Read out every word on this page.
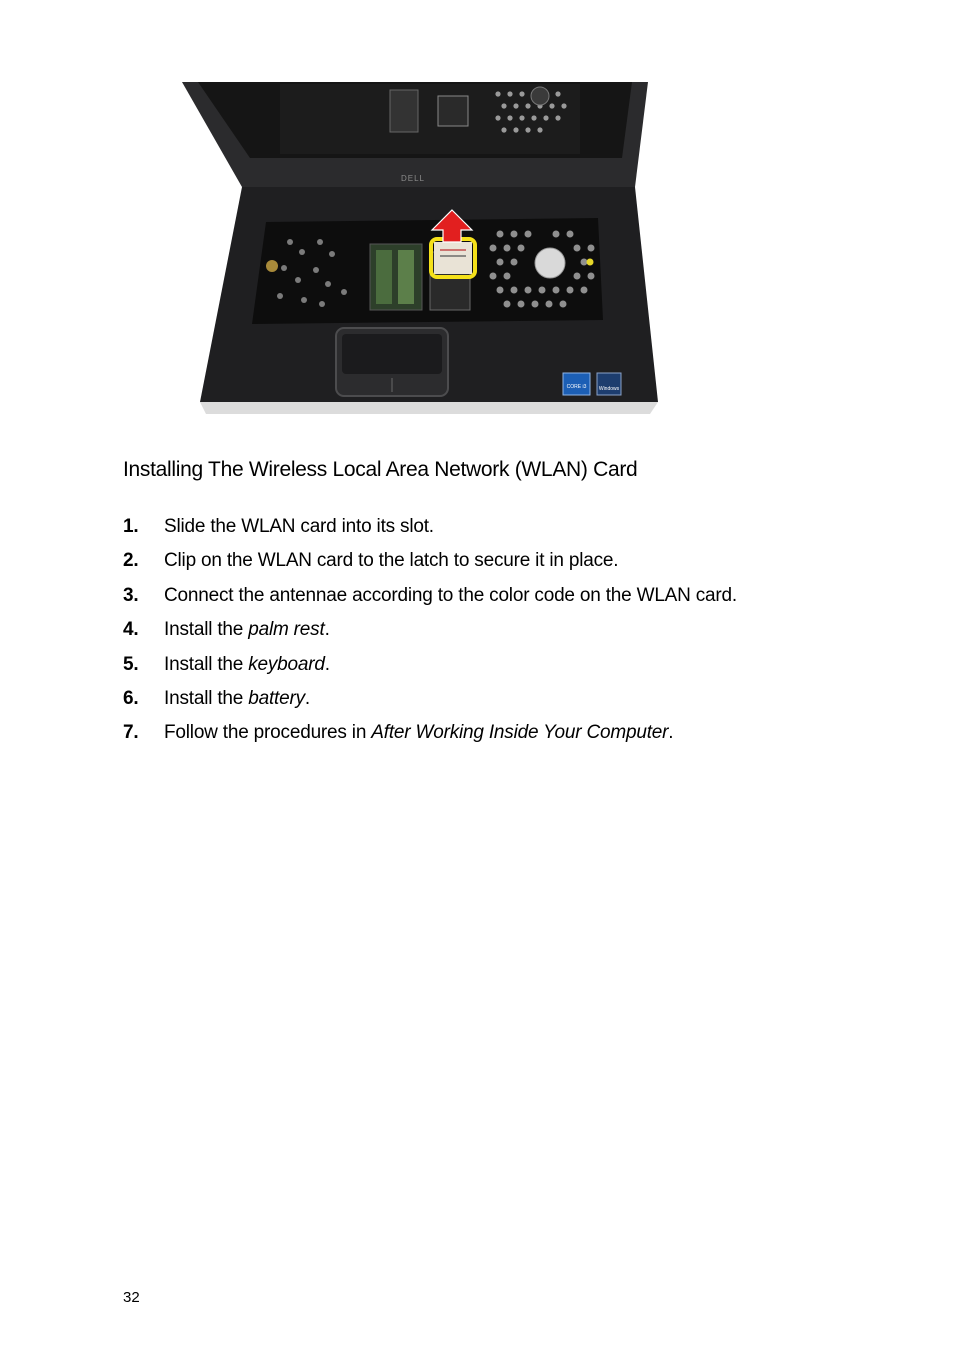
DELL
CORE i3 Windows
Installing The Wireless Local Area Network (WLAN) Card
1.	Slide the WLAN card into its slot.
2.	Clip on the WLAN card to the latch to secure it in place.
3.	Connect the antennae according to the color code on the WLAN card.
4.	Install the palm rest.
5.	Install the keyboard.
6.	Install the battery.
7.	Follow the procedures in After Working Inside Your Computer.
32
